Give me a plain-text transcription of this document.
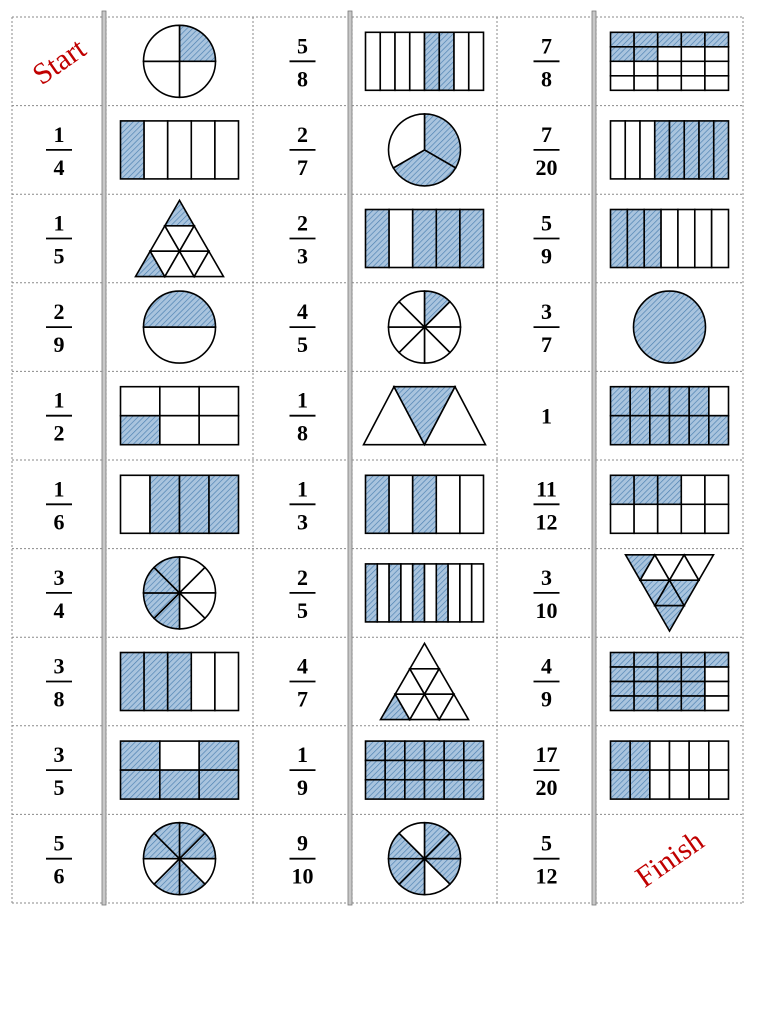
Start
1
4
1
5
2
9
1
2
1
6
3
4
3
8
3
5
5
6
5
8
2
7
2
3
4
5
1
8
1
3
2
5
4
7
1
9
9
10
7
8
7
20
5
9
3
7
1
11
12
3
10
4
9
17
20
5
12 Finish
